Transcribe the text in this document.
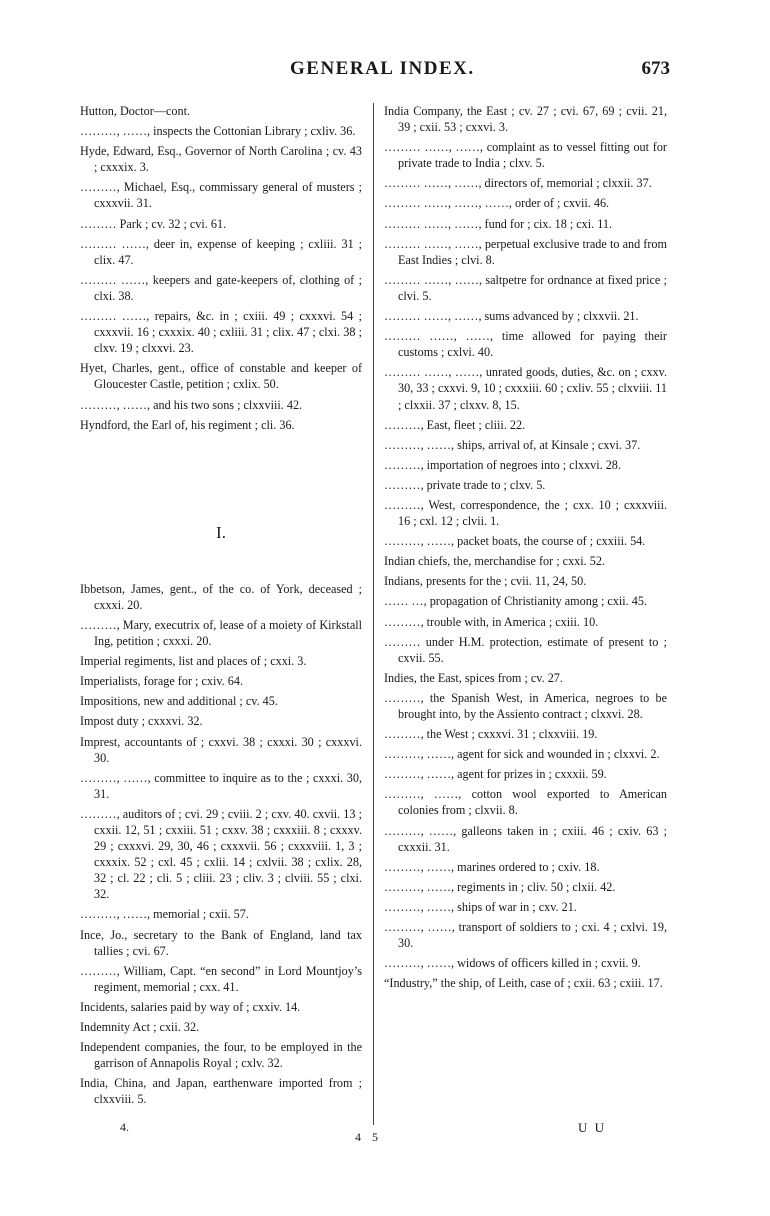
GENERAL INDEX.	673

Hutton, Doctor—cont.

………, ……, inspects the Cottonian Library ; cxliv. 36.

Hyde, Edward, Esq., Governor of North Carolina ; cv. 43 ; cxxxix. 3.

………, Michael, Esq., commissary general of musters ; cxxxvii. 31.

……… Park ; cv. 32 ; cvi. 61.

……… ……, deer in, expense of keeping ; cxliii. 31 ; clix. 47.

……… ……, keepers and gate-keepers of, clothing of ; clxi. 38.

……… ……, repairs, &c. in ; cxiii. 49 ; cxxxvi. 54 ; cxxxvii. 16 ; cxxxix. 40 ; cxliii. 31 ; clix. 47 ; clxi. 38 ; clxv. 19 ; clxxvi. 23.

Hyet, Charles, gent., office of constable and keeper of Gloucester Castle, petition ; cxlix. 50.

………, ……, and his two sons ; clxxviii. 42.

Hyndford, the Earl of, his regiment ; cli. 36.

I.

Ibbetson, James, gent., of the co. of York, deceased ; cxxxi. 20.

………, Mary, executrix of, lease of a moiety of Kirkstall Ing, petition ; cxxxi. 20.

Imperial regiments, list and places of ; cxxi. 3.

Imperialists, forage for ; cxiv. 64.

Impositions, new and additional ; cv. 45.

Impost duty ; cxxxvi. 32.

Imprest, accountants of ; cxxvi. 38 ; cxxxi. 30 ; cxxxvi. 30.

………, ……, committee to inquire as to the ; cxxxi. 30, 31.

………, auditors of ; cvi. 29 ; cviii. 2 ; cxv. 40. cxvii. 13 ; cxxii. 12, 51 ; cxxiii. 51 ; cxxv. 38 ; cxxxiii. 8 ; cxxxv. 29 ; cxxxvi. 29, 30, 46 ; cxxxvii. 56 ; cxxxviii. 1, 3 ; cxxxix. 52 ; cxl. 45 ; cxlii. 14 ; cxlvii. 38 ; cxlix. 28, 32 ; cl. 22 ; cli. 5 ; cliii. 23 ; cliv. 3 ; clviii. 55 ; clxi. 32.

………, ……, memorial ; cxii. 57.

Ince, Jo., secretary to the Bank of England, land tax tallies ; cvi. 67.

………, William, Capt. “en second” in Lord Mountjoy’s regiment, memorial ; cxx. 41.

Incidents, salaries paid by way of ; cxxiv. 14.

Indemnity Act ; cxii. 32.

Independent companies, the four, to be employed in the garrison of Annapolis Royal ; cxlv. 32.

India, China, and Japan, earthenware imported from ; clxxviii. 5.

India Company, the East ; cv. 27 ; cvi. 67, 69 ; cvii. 21, 39 ; cxii. 53 ; cxxvi. 3.

……… ……, ……, complaint as to vessel fitting out for private trade to India ; clxv. 5.

……… ……, ……, directors of, memorial ; clxxii. 37.

……… ……, ……, ……, order of ; cxvii. 46.

……… ……, ……, fund for ; cix. 18 ; cxi. 11.

……… ……, ……, perpetual exclusive trade to and from East Indies ; clvi. 8.

……… ……, ……, saltpetre for ordnance at fixed price ; clvi. 5.

……… ……, ……, sums advanced by ; clxxvii. 21.

……… ……, ……, time allowed for paying their customs ; cxlvi. 40.

……… ……, ……, unrated goods, duties, &c. on ; cxxv. 30, 33 ; cxxvi. 9, 10 ; cxxxiii. 60 ; cxliv. 55 ; clxviii. 11 ; clxxii. 37 ; clxxv. 8, 15.

………, East, fleet ; cliii. 22.

………, ……, ships, arrival of, at Kinsale ; cxvi. 37.

………, importation of negroes into ; clxxvi. 28.

………, private trade to ; clxv. 5.

………, West, correspondence, the ; cxx. 10 ; cxxxviii. 16 ; cxl. 12 ; clvii. 1.

………, ……, packet boats, the course of ; cxxiii. 54.

Indian chiefs, the, merchandise for ; cxxi. 52.

Indians, presents for the ; cvii. 11, 24, 50.

…… …, propagation of Christianity among ; cxii. 45.

………, trouble with, in America ; cxiii. 10.

……… under H.M. protection, estimate of present to ; cxvii. 55.

Indies, the East, spices from ; cv. 27.

………, the Spanish West, in America, negroes to be brought into, by the Assiento contract ; clxxvi. 28.

………, the West ; cxxxvi. 31 ; clxxviii. 19.

………, ……, agent for sick and wounded in ; clxxvi. 2.

………, ……, agent for prizes in ; cxxxii. 59.

………, ……, cotton wool exported to American colonies from ; clxvii. 8.

………, ……, galleons taken in ; cxiii. 46 ; cxiv. 63 ; cxxxii. 31.

………, ……, marines ordered to ; cxiv. 18.

………, ……, regiments in ; cliv. 50 ; clxii. 42.

………, ……, ships of war in ; cxv. 21.

………, ……, transport of soldiers to ; cxi. 4 ; cxlvi. 19, 30.

………, ……, widows of officers killed in ; cxvii. 9.

“Industry,” the ship, of Leith, case of ; cxii. 63 ; cxiii. 17.

4.
4 5
U U
